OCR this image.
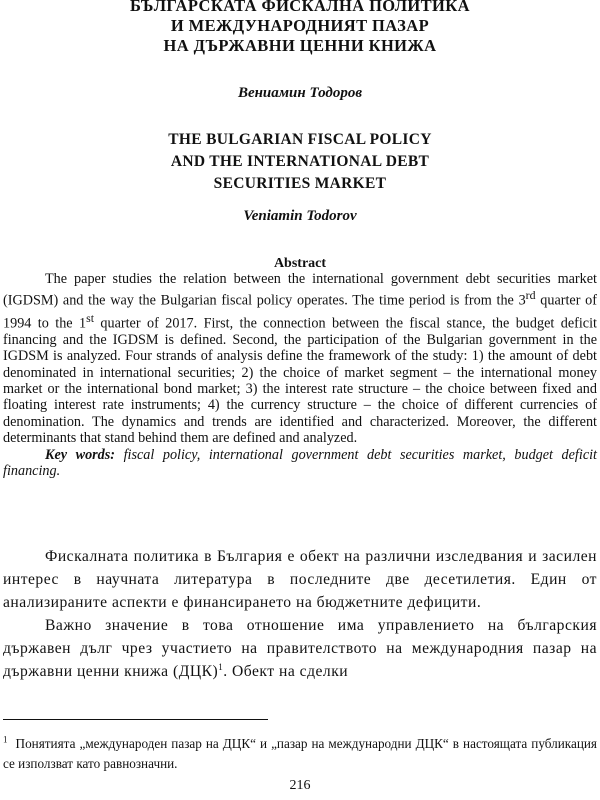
БЪЛГАРСКАТА ФИСКАЛНА ПОЛИТИКА
И МЕЖДУНАРОДНИЯТ ПАЗАР
НА ДЪРЖАВНИ ЦЕННИ КНИЖА
Вениамин Тодоров
THE BULGARIAN FISCAL POLICY
AND THE INTERNATIONAL DEBT
SECURITIES MARKET
Veniamin Todorov
Abstract

The paper studies the relation between the international government debt securities market (IGDSM) and the way the Bulgarian fiscal policy operates. The time period is from the 3rd quarter of 1994 to the 1st quarter of 2017. First, the connection between the fiscal stance, the budget deficit financing and the IGDSM is defined. Second, the participation of the Bulgarian government in the IGDSM is analyzed. Four strands of analysis define the framework of the study: 1) the amount of debt denominated in international securities; 2) the choice of market segment – the international money market or the international bond market; 3) the interest rate structure – the choice between fixed and floating interest rate instruments; 4) the currency structure – the choice of different currencies of denomination. The dynamics and trends are identified and characterized. Moreover, the different determinants that stand behind them are defined and analyzed.

Key words: fiscal policy, international government debt securities market, budget deficit financing.

Фискалната политика в България е обект на различни изследвания и засилен интерес в научната литература в последните две десетилетия. Един от анализираните аспекти е финансирането на бюджетните дефицити.

Важно значение в това отношение има управлението на българския държавен дълг чрез участието на правителството на международния пазар на държавни ценни книжа (ДЦК)$^1$. Обект на сделки

$^1$ Понятията „международен пазар на ДЦК“ и „пазар на международни ДЦК“ в настоящата публикация се използват като равнозначни.

216
